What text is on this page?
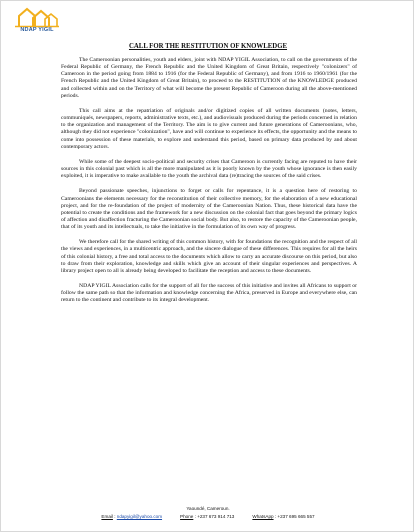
NDAP YIGIL
CALL FOR THE RESTITUTION OF KNOWLEDGE

The Cameroonian personalities, youth and elders, joint with NDAP YIGIL Association, to call on the governments of the Federal Republic of Germany, the French Republic and the United Kingdom of Great Britain, respectively "colonizers" of Cameroon in the period going from 1884 to 1916 (for the Federal Republic of Germany), and from 1916 to 1960/1961 (for the French Republic and the United Kingdom of Great Britain), to proceed to the RESTITUTION of the KNOWLEDGE produced and collected within and on the Territory of what will become the present Republic of Cameroon during all the above-mentioned periods.

This call aims at the repatriation of originals and/or digitized copies of all written documents (notes, letters, communiqués, newspapers, reports, administrative texts, etc.), and audiovisuals produced during the periods concerned in relation to the organization and management of the Territory. The aim is to give current and future generations of Cameroonians, who, although they did not experience "colonization", have and will continue to experience its effects, the opportunity and the means to come into possession of these materials, to explore and understand this period, based on primary data produced by and about contemporary actors.

While some of the deepest socio-political and security crises that Cameroon is currently facing are reputed to have their sources in this colonial past which is all the more manipulated as it is poorly known by the youth whose ignorance is then easily exploited, it is imperative to make available to the youth the archival data (re)tracing the sources of the said crises.

Beyond passionate speeches, injunctions to forget or calls for repentance, it is a question here of restoring to Cameroonians the elements necessary for the reconstitution of their collective memory, for the elaboration of a new educational project, and for the re-foundation of the project of modernity of the Cameroonian Nation. Thus, these historical data have the potential to create the conditions and the framework for a new discussion on the colonial fact that goes beyond the primary logics of affection and disaffection fracturing the Cameroonian social body. But also, to restore the capacity of the Cameroonian people, that of its youth and its intellectuals, to take the initiative in the formulation of its own way of progress.

We therefore call for the shared writing of this common history, with for foundations the recognition and the respect of all the views and experiences, in a multicentric approach, and the sincere dialogue of these differences. This requires for all the heirs of this colonial history, a free and total access to the documents which allow to carry an accurate discourse on this period, but also to draw from their exploration, knowledge and skills which give an account of their singular experiences and perspectives. A library project open to all is already being developed to facilitate the reception and access to these documents.

NDAP YIGIL Association calls for the support of all for the success of this initiative and invites all Africans to support or follow the same path so that the information and knowledge concerning the Africa, preserved in Europe and everywhere else, can return to the continent and contribute to its integral development.

Yaoundé, Cameroun.
Email : ndapyigil@yahoo.com	Phone : +237 673 914 713	WhatsApp : +237 695 665 557
